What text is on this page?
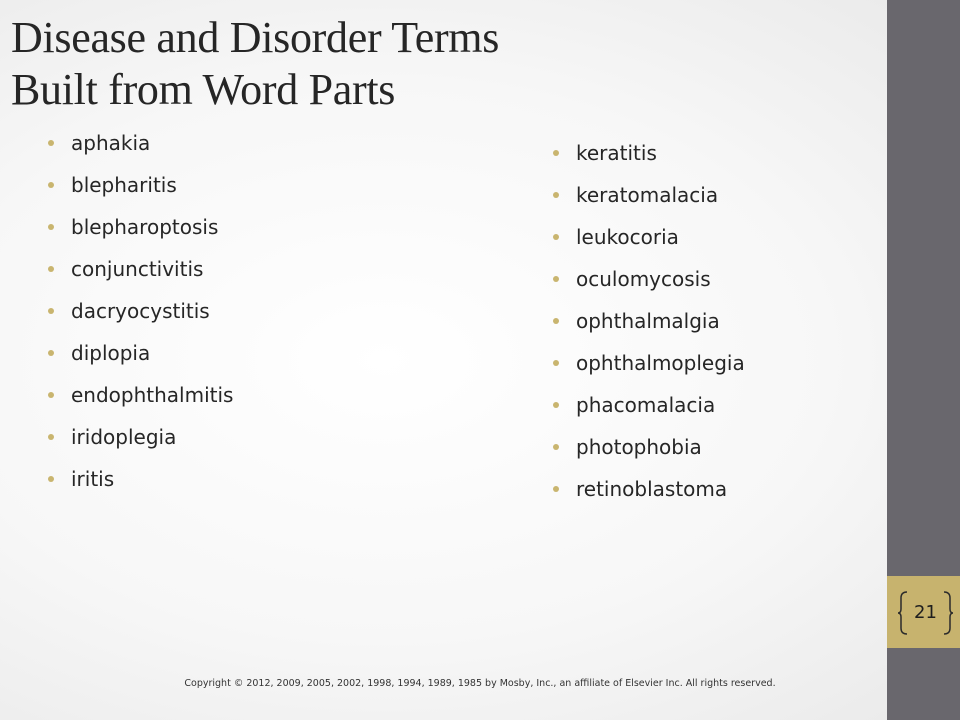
21
Disease and Disorder Terms
Built from Word Parts
aphakia
blepharitis
blepharoptosis
conjunctivitis
dacryocystitis
diplopia
endophthalmitis
iridoplegia
iritis
keratitis
keratomalacia
leukocoria
oculomycosis
ophthalmalgia
ophthalmoplegia
phacomalacia
photophobia
retinoblastoma
Copyright © 2012, 2009, 2005, 2002, 1998, 1994, 1989, 1985 by Mosby, Inc., an affiliate of Elsevier Inc. All rights reserved.
